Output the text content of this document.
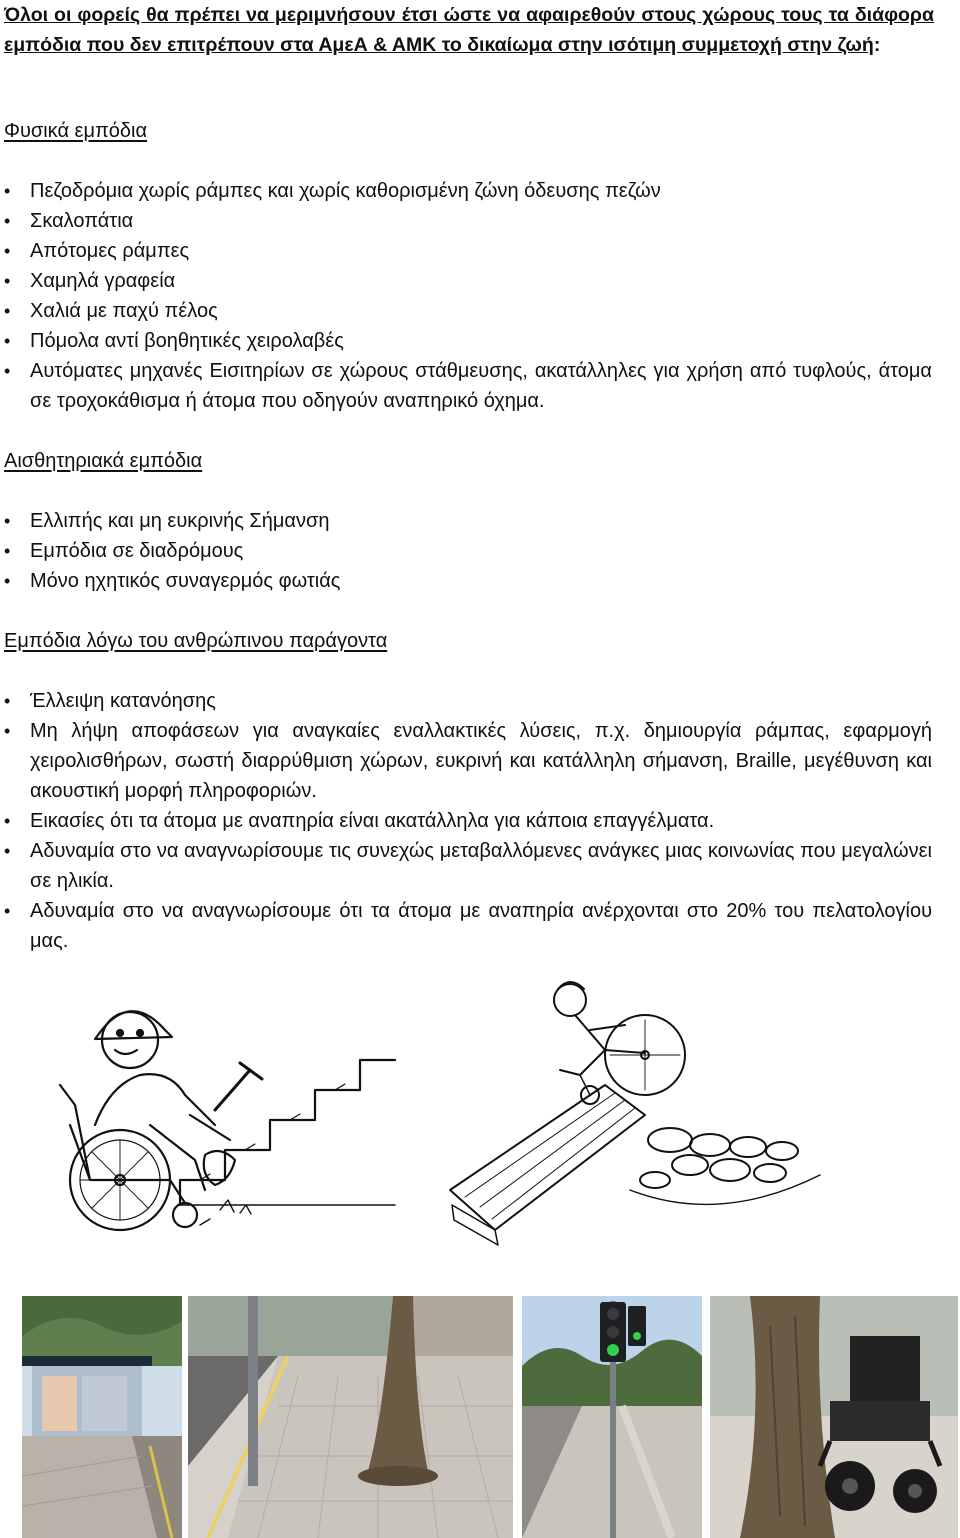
Όλοι οι φορείς θα πρέπει να μεριμνήσουν έτσι ώστε να αφαιρεθούν στους χώρους τους τα διάφορα εμπόδια που δεν επιτρέπουν στα ΑμεΑ & ΑΜΚ το δικαίωμα στην ισότιμη συμμετοχή στην ζωή:
Φυσικά εμπόδια
• Πεζοδρόμια χωρίς ράμπες και χωρίς καθορισμένη ζώνη όδευσης πεζών
• Σκαλοπάτια
• Απότομες ράμπες
• Χαμηλά γραφεία
• Χαλιά με παχύ πέλος
• Πόμολα αντί βοηθητικές χειρολαβές
• Αυτόματες μηχανές Εισιτηρίων σε χώρους στάθμευσης, ακατάλληλες για χρήση από τυφλούς, άτομα σε τροχοκάθισμα ή άτομα που οδηγούν αναπηρικό όχημα.
Αισθητηριακά εμπόδια
• Ελλιπής και μη ευκρινής Σήμανση
• Εμπόδια σε διαδρόμους
• Μόνο ηχητικός συναγερμός φωτιάς
Εμπόδια λόγω του ανθρώπινου παράγοντα
• Έλλειψη κατανόησης
• Μη λήψη αποφάσεων για αναγκαίες εναλλακτικές λύσεις, π.χ. δημιουργία ράμπας, εφαρμογή χειρολισθήρων, σωστή διαρρύθμιση χώρων, ευκρινή και κατάλληλη σήμανση, Braille, μεγέθυνση και ακουστική μορφή πληροφοριών.
• Εικασίες ότι τα άτομα με αναπηρία είναι ακατάλληλα για κάποια επαγγέλματα.
• Αδυναμία στο να αναγνωρίσουμε τις συνεχώς μεταβαλλόμενες ανάγκες μιας κοινωνίας που μεγαλώνει σε ηλικία.
• Αδυναμία στο να αναγνωρίσουμε ότι τα άτομα με αναπηρία ανέρχονται στο 20% του πελατολογίου μας.
